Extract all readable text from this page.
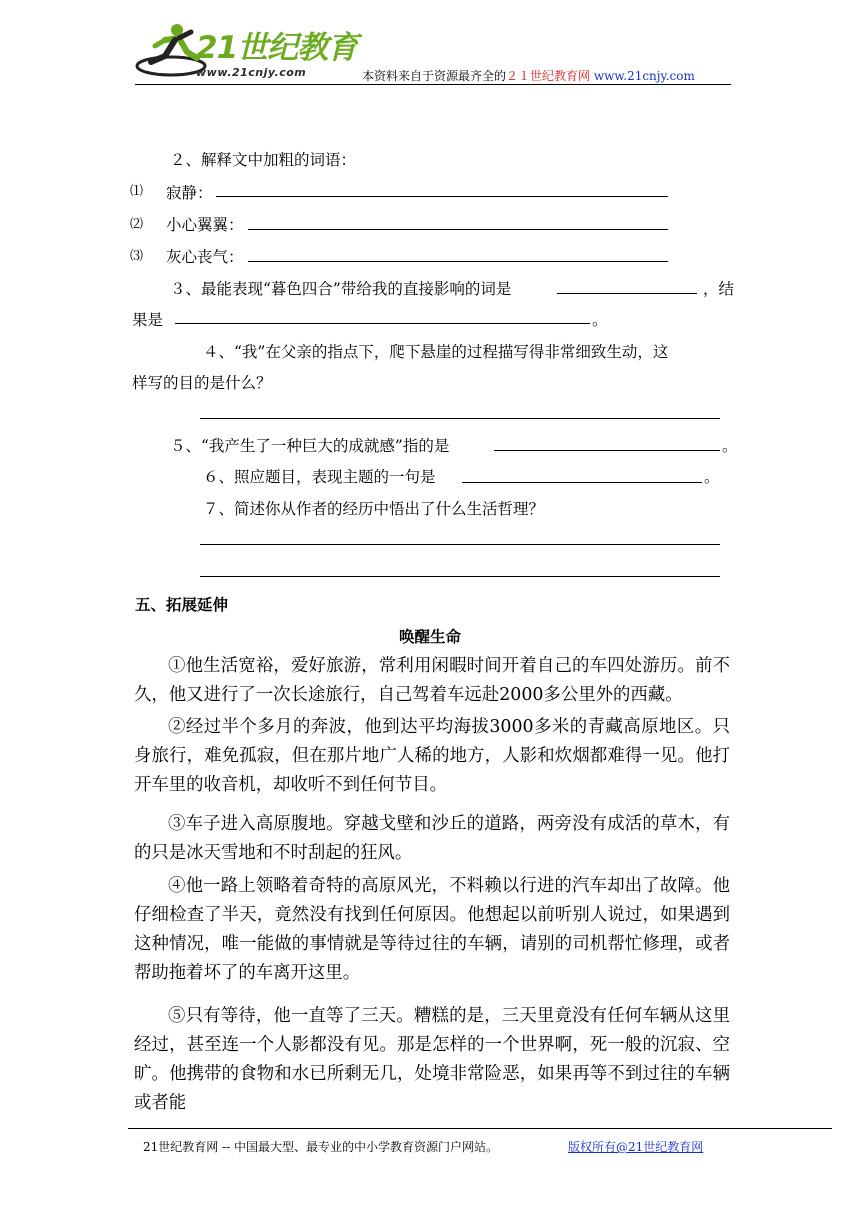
21世纪教育
www.21cnjy.com	本资料来自于资源最齐全的２１世纪教育网 www.21cnjy.com
２、解释文中加粗的词语：
⑴ 寂静：
⑵ 小心翼翼：
⑶ 灰心丧气：
３、最能表现“暮色四合”带给我的直接影响的词是	，结
果是	。
４、“我”在父亲的指点下，爬下悬崖的过程描写得非常细致生动，这
样写的目的是什么？
５、“我产生了一种巨大的成就感”指的是	。
６、照应题目，表现主题的一句是	。
７、简述你从作者的经历中悟出了什么生活哲理？
五、拓展延伸
唤醒生命
①他生活宽裕，爱好旅游，常利用闲暇时间开着自己的车四处游历。前不久，他又进行了一次长途旅行，自己驾着车远赴2000多公里外的西藏。
②经过半个多月的奔波，他到达平均海拔3000多米的青藏高原地区。只身旅行，难免孤寂，但在那片地广人稀的地方，人影和炊烟都难得一见。他打开车里的收音机，却收听不到任何节目。
③车子进入高原腹地。穿越戈壁和沙丘的道路，两旁没有成活的草木，有的只是冰天雪地和不时刮起的狂风。
④他一路上领略着奇特的高原风光，不料赖以行进的汽车却出了故障。他仔细检查了半天，竟然没有找到任何原因。他想起以前听别人说过，如果遇到这种情况，唯一能做的事情就是等待过往的车辆，请别的司机帮忙修理，或者帮助拖着坏了的车离开这里。
⑤只有等待，他一直等了三天。糟糕的是，三天里竟没有任何车辆从这里经过，甚至连一个人影都没有见。那是怎样的一个世界啊，死一般的沉寂、空旷。他携带的食物和水已所剩无几，处境非常险恶，如果再等不到过往的车辆或者能
21世纪教育网 -- 中国最大型、最专业的中小学教育资源门户网站。	版权所有@21世纪教育网
